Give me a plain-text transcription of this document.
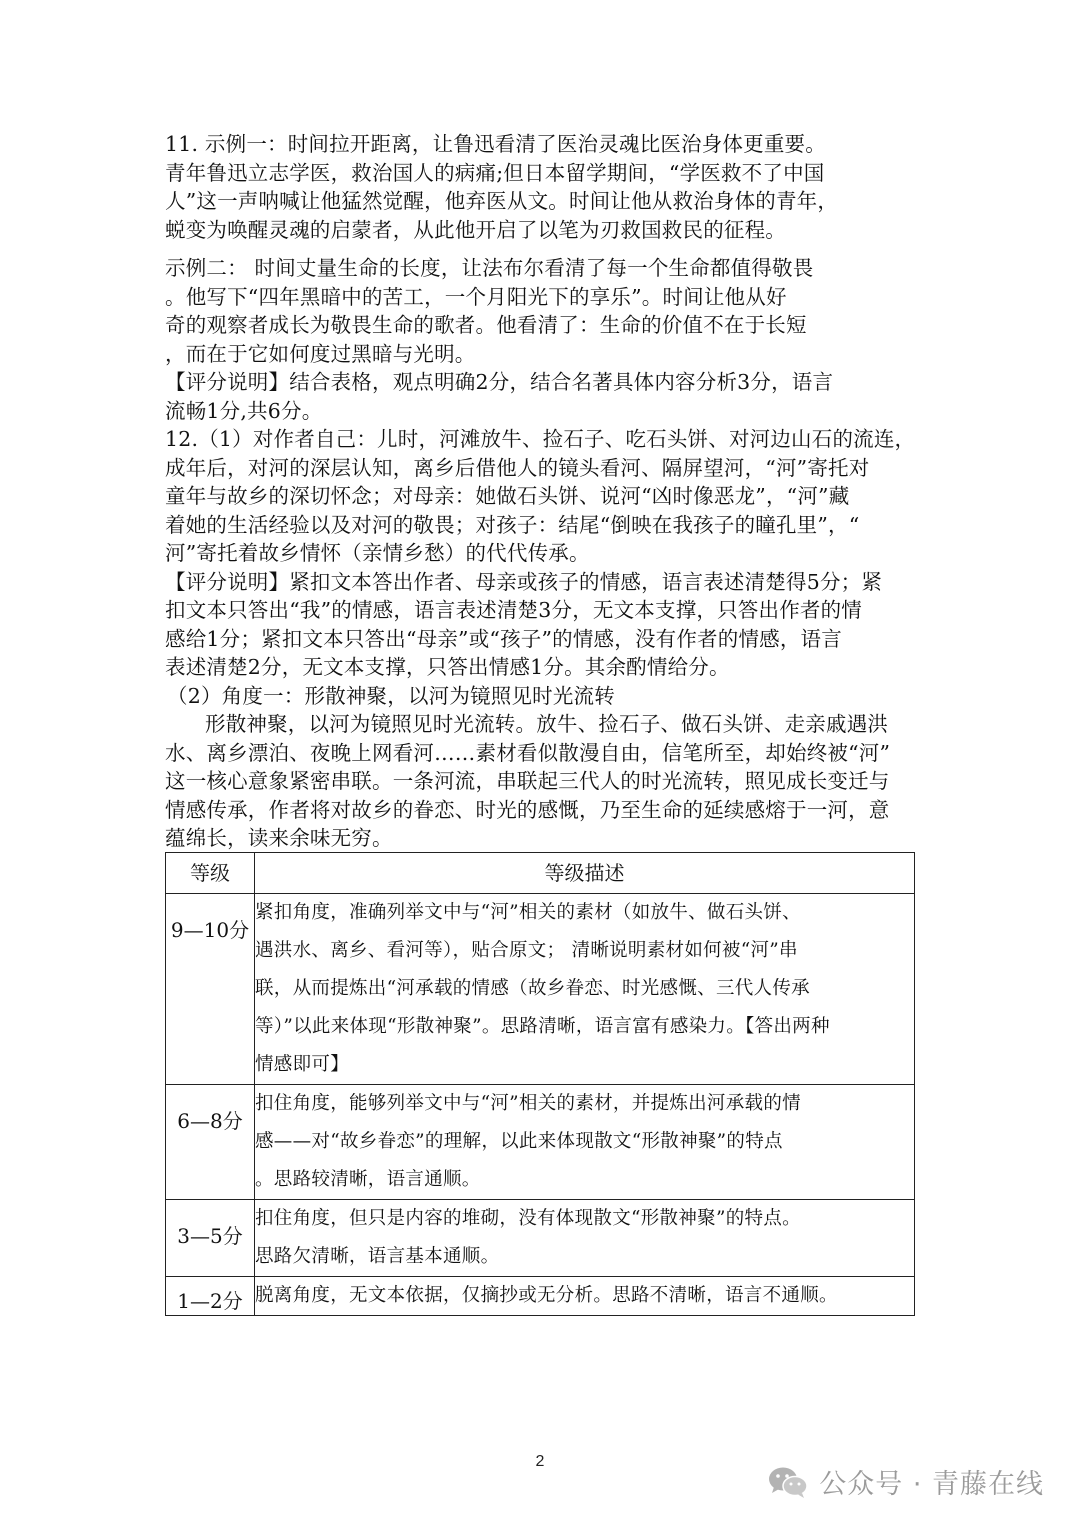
11. 示例一：时间拉开距离，让鲁迅看清了医治灵魂比医治身体更重要。
青年鲁迅立志学医，救治国人的病痛;但日本留学期间，“学医救不了中国
人”这一声呐喊让他猛然觉醒，他弃医从文。时间让他从救治身体的青年，
蜕变为唤醒灵魂的启蒙者，从此他开启了以笔为刃救国救民的征程。
示例二： 时间丈量生命的长度，让法布尔看清了每一个生命都值得敬畏
。他写下“四年黑暗中的苦工，一个月阳光下的享乐”。时间让他从好
奇的观察者成长为敬畏生命的歌者。他看清了：生命的价值不在于长短
，而在于它如何度过黑暗与光明。
【评分说明】结合表格，观点明确2分，结合名著具体内容分析3分，语言
流畅1分,共6分。
12.（1）对作者自己：儿时，河滩放牛、捡石子、吃石头饼、对河边山石的流连，
成年后，对河的深层认知，离乡后借他人的镜头看河、隔屏望河，“河”寄托对
童年与故乡的深切怀念；对母亲：她做石头饼、说河“凶时像恶龙”，“河”藏
着她的生活经验以及对河的敬畏；对孩子：结尾“倒映在我孩子的瞳孔里”，“
河”寄托着故乡情怀（亲情乡愁）的代代传承。
【评分说明】紧扣文本答出作者、母亲或孩子的情感，语言表述清楚得5分；紧
扣文本只答出“我”的情感，语言表述清楚3分，无文本支撑，只答出作者的情
感给1分；紧扣文本只答出“母亲”或“孩子”的情感，没有作者的情感，语言
表述清楚2分，无文本支撑，只答出情感1分。其余酌情给分。
（2）角度一：形散神聚，以河为镜照见时光流转
形散神聚，以河为镜照见时光流转。放牛、捡石子、做石头饼、走亲戚遇洪
水、离乡漂泊、夜晚上网看河……素材看似散漫自由，信笔所至，却始终被“河”
这一核心意象紧密串联。一条河流，串联起三代人的时光流转，照见成长变迁与
情感传承，作者将对故乡的眷恋、时光的感慨，乃至生命的延续感熔于一河，意
蕴绵长，读来余味无穷。
等级	等级描述

9—10分	紧扣角度，准确列举文中与“河”相关的素材（如放牛、做石头饼、
遇洪水、离乡、看河等），贴合原文； 清晰说明素材如何被“河”串
联，从而提炼出“河承载的情感（故乡眷恋、时光感慨、三代人传承
等）”以此来体现“形散神聚”。思路清晰，语言富有感染力。【答出两种
情感即可】

6—8分	扣住角度，能够列举文中与“河”相关的素材，并提炼出河承载的情
感——对“故乡眷恋”的理解，以此来体现散文“形散神聚”的特点
。思路较清晰，语言通顺。

3—5分	扣住角度，但只是内容的堆砌，没有体现散文“形散神聚”的特点。
思路欠清晰，语言基本通顺。

1—2分	脱离角度，无文本依据，仅摘抄或无分析。思路不清晰，语言不通顺。
2
公众号 · 青藤在线
